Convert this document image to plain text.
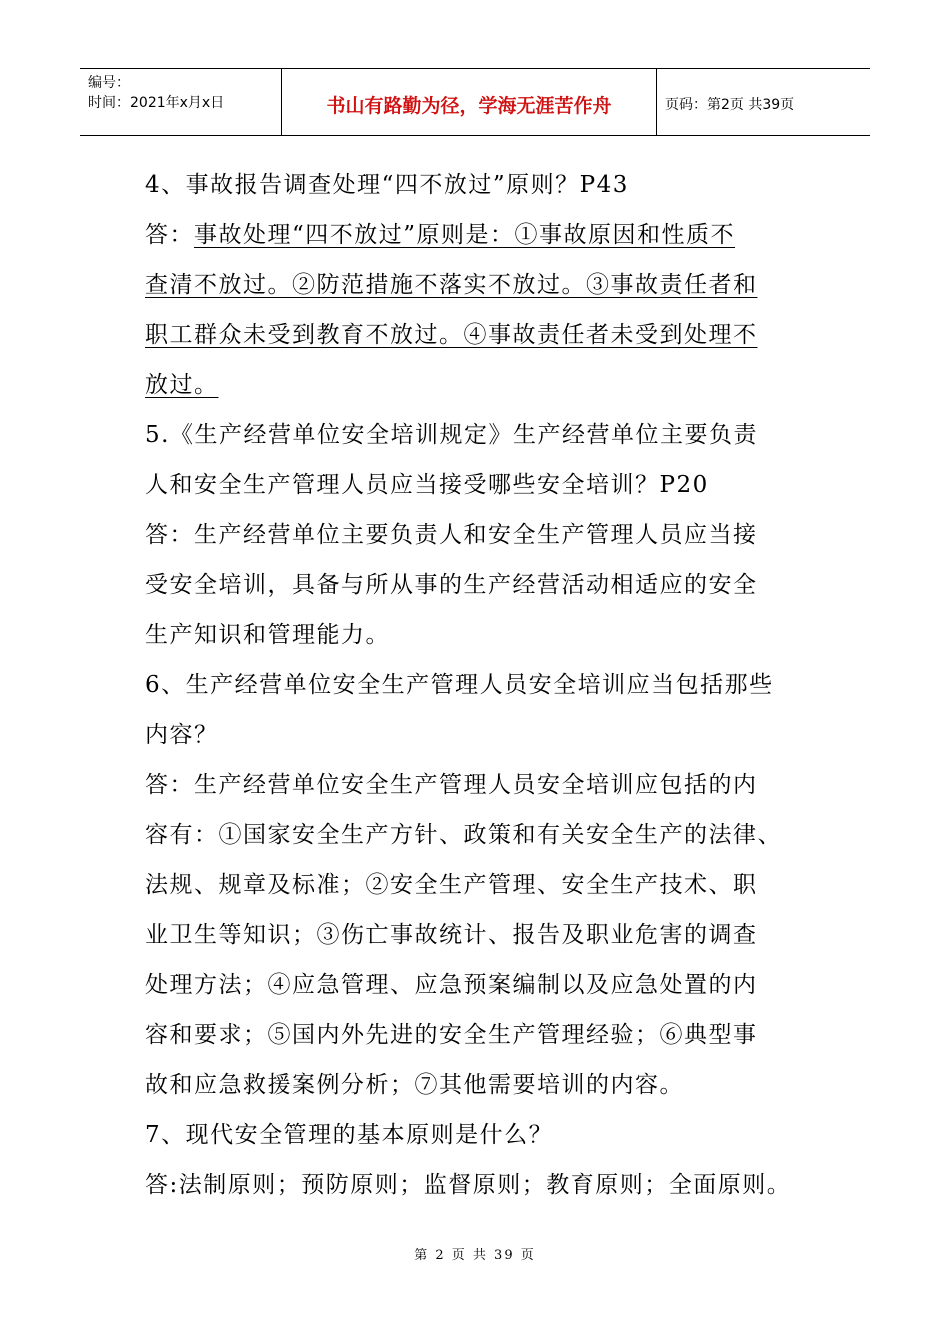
编号：
时间：2021年x月x日	书山有路勤为径，学海无涯苦作舟	页码：第2页 共39页
4、事故报告调查处理“四不放过”原则？P43
答：事故处理“四不放过”原则是：①事故原因和性质不
查清不放过。②防范措施不落实不放过。③事故责任者和
职工群众未受到教育不放过。④事故责任者未受到处理不
放过。
5.《生产经营单位安全培训规定》生产经营单位主要负责
人和安全生产管理人员应当接受哪些安全培训？P20
答：生产经营单位主要负责人和安全生产管理人员应当接
受安全培训，具备与所从事的生产经营活动相适应的安全
生产知识和管理能力。
6、生产经营单位安全生产管理人员安全培训应当包括那些
内容？
答：生产经营单位安全生产管理人员安全培训应包括的内
容有：①国家安全生产方针、政策和有关安全生产的法律、
法规、规章及标准；②安全生产管理、安全生产技术、职
业卫生等知识；③伤亡事故统计、报告及职业危害的调查
处理方法；④应急管理、应急预案编制以及应急处置的内
容和要求；⑤国内外先进的安全生产管理经验；⑥典型事
故和应急救援案例分析；⑦其他需要培训的内容。
7、现代安全管理的基本原则是什么？
答:法制原则；预防原则；监督原则；教育原则；全面原则。
第 2 页 共 39 页
